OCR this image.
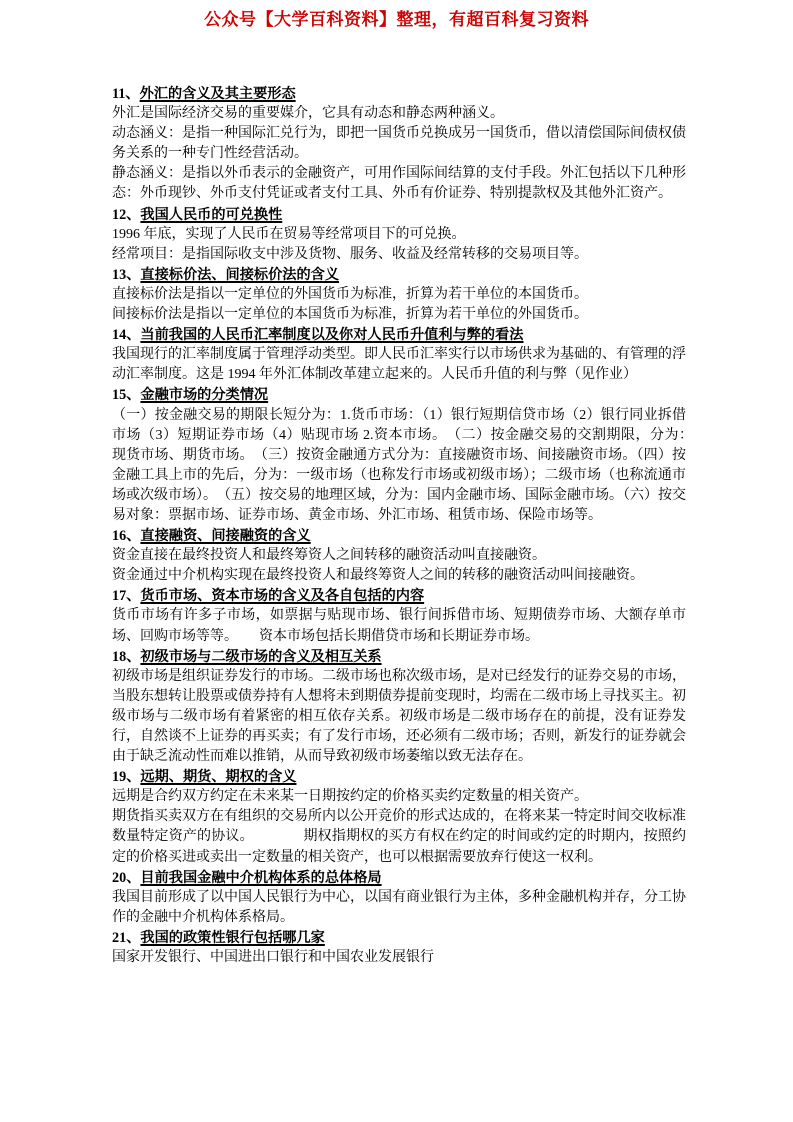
公众号【大学百科资料】整理，有超百科复习资料
11、外汇的含义及其主要形态

外汇是国际经济交易的重要媒介，它具有动态和静态两种涵义。

动态涵义：是指一种国际汇兑行为，即把一国货币兑换成另一国货币，借以清偿国际间债权债务关系的一种专门性经营活动。

静态涵义：是指以外币表示的金融资产，可用作国际间结算的支付手段。外汇包括以下几种形态：外币现钞、外币支付凭证或者支付工具、外币有价证券、特别提款权及其他外汇资产。

12、我国人民币的可兑换性

1996 年底，实现了人民币在贸易等经常项目下的可兑换。

经常项目：是指国际收支中涉及货物、服务、收益及经常转移的交易项目等。

13、直接标价法、间接标价法的含义

直接标价法是指以一定单位的外国货币为标准，折算为若干单位的本国货币。

间接标价法是指以一定单位的本国货币为标准，折算为若干单位的外国货币。

14、当前我国的人民币汇率制度以及你对人民币升值利与弊的看法

我国现行的汇率制度属于管理浮动类型。即人民币汇率实行以市场供求为基础的、有管理的浮动汇率制度。这是 1994 年外汇体制改革建立起来的。人民币升值的利与弊（见作业）

15、金融市场的分类情况

（一）按金融交易的期限长短分为：1.货币市场：（1）银行短期信贷市场（2）银行同业拆借市场（3）短期证券市场（4）贴现市场 2.资本市场。　（二）按金融交易的交割期限，分为：　现货市场、期货市场。　（三）按资金融通方式分为：直接融资市场、间接融资市场。（四）按金融工具上市的先后，分为：一级市场（也称发行市场或初级市场）；二级市场（也称流通市场或次级市场）。　（五）按交易的地理区域，分为：国内金融市场、国际金融市场。（六）按交易对象：票据市场、证券市场、黄金市场、外汇市场、租赁市场、保险市场等。

16、直接融资、间接融资的含义

资金直接在最终投资人和最终筹资人之间转移的融资活动叫直接融资。

资金通过中介机构实现在最终投资人和最终筹资人之间的转移的融资活动叫间接融资。

17、货币市场、资本市场的含义及各自包括的内容

货币市场有许多子市场，如票据与贴现市场、银行间拆借市场、短期债券市场、大额存单市场、回购市场等等。　　资本市场包括长期借贷市场和长期证券市场。

18、初级市场与二级市场的含义及相互关系

初级市场是组织证券发行的市场。二级市场也称次级市场，是对已经发行的证券交易的市场，当股东想转让股票或债券持有人想将未到期债券提前变现时，均需在二级市场上寻找买主。初级市场与二级市场有着紧密的相互依存关系。初级市场是二级市场存在的前提，没有证券发行，自然谈不上证券的再买卖；有了发行市场，还必须有二级市场；否则，新发行的证券就会由于缺乏流动性而难以推销，从而导致初级市场萎缩以致无法存在。

19、远期、期货、期权的含义

远期是合约双方约定在未来某一日期按约定的价格买卖约定数量的相关资产。

期货指买卖双方在有组织的交易所内以公开竞价的形式达成的，在将来某一特定时间交收标准数量特定资产的协议。　　　　期权指期权的买方有权在约定的时间或约定的时期内，按照约定的价格买进或卖出一定数量的相关资产，也可以根据需要放弃行使这一权利。

20、目前我国金融中介机构体系的总体格局

我国目前形成了以中国人民银行为中心，以国有商业银行为主体，多种金融机构并存，分工协作的金融中介机构体系格局。

21、我国的政策性银行包括哪几家

国家开发银行、中国进出口银行和中国农业发展银行
